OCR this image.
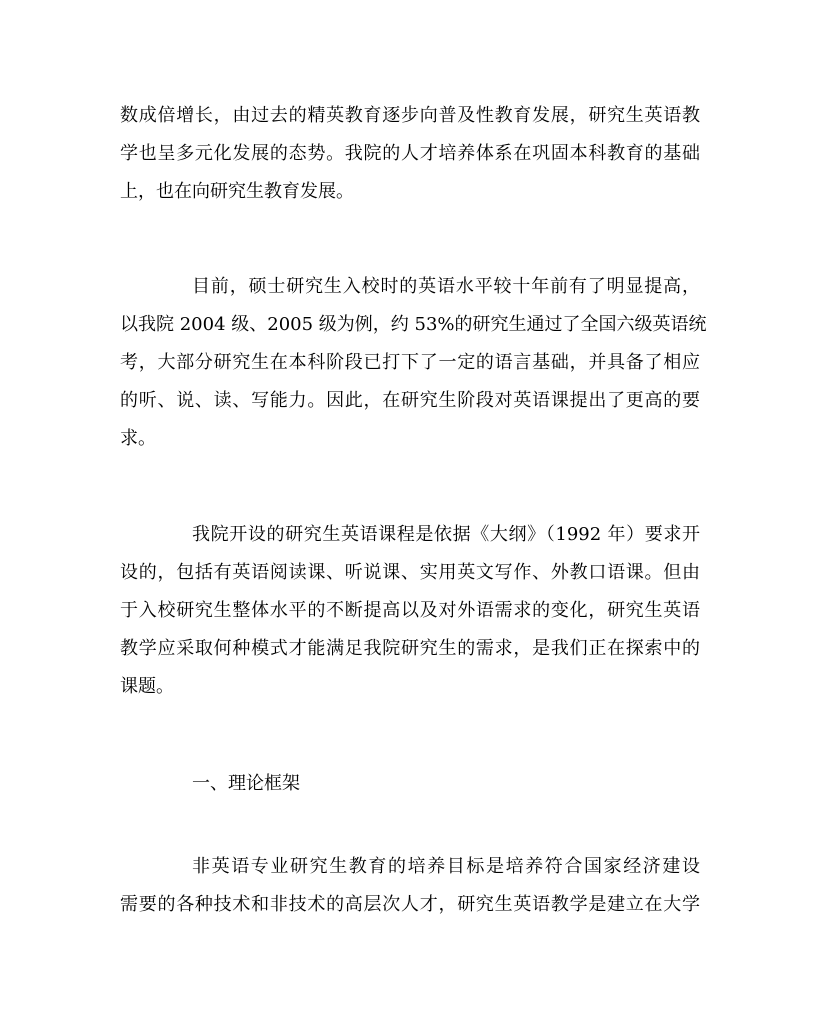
数成倍增长，由过去的精英教育逐步向普及性教育发展，研究生英语教
学也呈多元化发展的态势。我院的人才培养体系在巩固本科教育的基础
上，也在向研究生教育发展。
目前，硕士研究生入校时的英语水平较十年前有了明显提高，
以我院 2004 级、2005 级为例，约 53%的研究生通过了全国六级英语统
考，大部分研究生在本科阶段已打下了一定的语言基础，并具备了相应
的听、说、读、写能力。因此，在研究生阶段对英语课提出了更高的要
求。
我院开设的研究生英语课程是依据《大纲》（1992 年）要求开
设的，包括有英语阅读课、听说课、实用英文写作、外教口语课。但由
于入校研究生整体水平的不断提高以及对外语需求的变化，研究生英语
教学应采取何种模式才能满足我院研究生的需求，是我们正在探索中的
课题。
一、理论框架
非英语专业研究生教育的培养目标是培养符合国家经济建设
需要的各种技术和非技术的高层次人才，研究生英语教学是建立在大学
